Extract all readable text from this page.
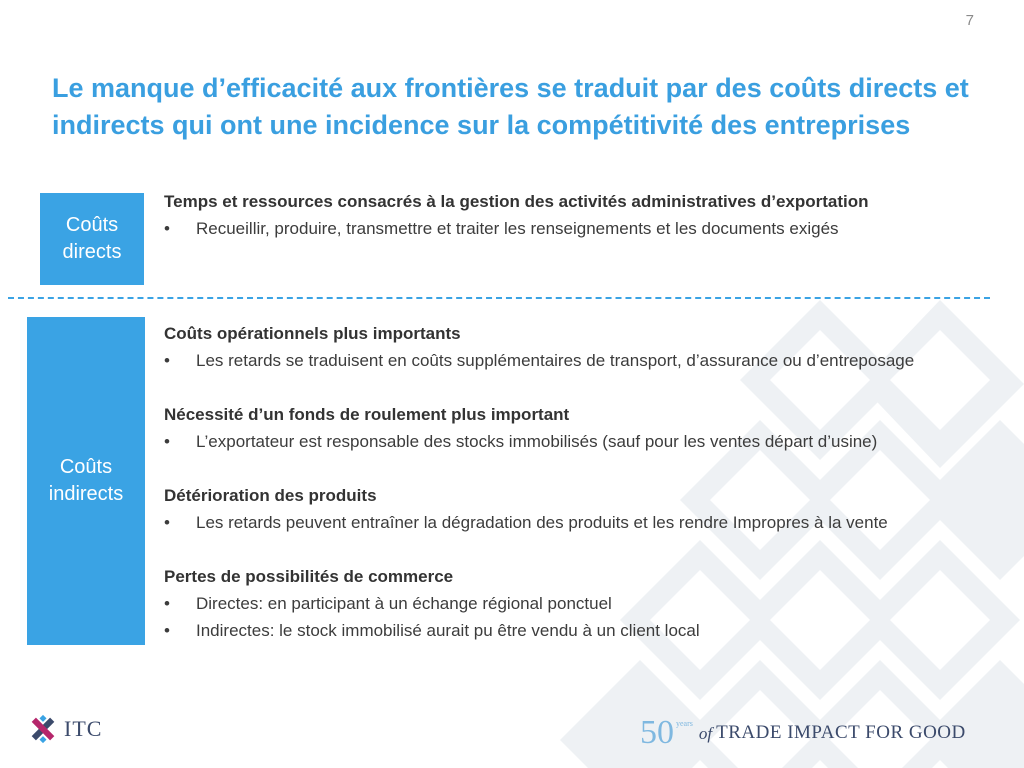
7
Le manque d’efficacité aux frontières se traduit par des coûts directs et indirects qui ont une incidence sur la compétitivité des entreprises
Coûts
directs
Temps et ressources consacrés à la gestion des activités administratives d’exportation
• Recueillir, produire, transmettre et traiter les renseignements et les documents exigés
Coûts
indirects
Coûts opérationnels plus importants
• Les retards se traduisent en coûts supplémentaires de transport, d’assurance ou d’entreposage
Nécessité d’un fonds de roulement plus important
• L’exportateur est responsable des stocks immobilisés (sauf pour les ventes départ d’usine)
Détérioration des produits
• Les retards peuvent entraîner la dégradation des produits et les rendre Impropres à la vente
Pertes de possibilités de commerce
• Directes: en participant à un échange régional ponctuel
• Indirectes: le stock immobilisé aurait pu être vendu à un client local
ITC	50 years
of TRADE IMPACT FOR GOOD
